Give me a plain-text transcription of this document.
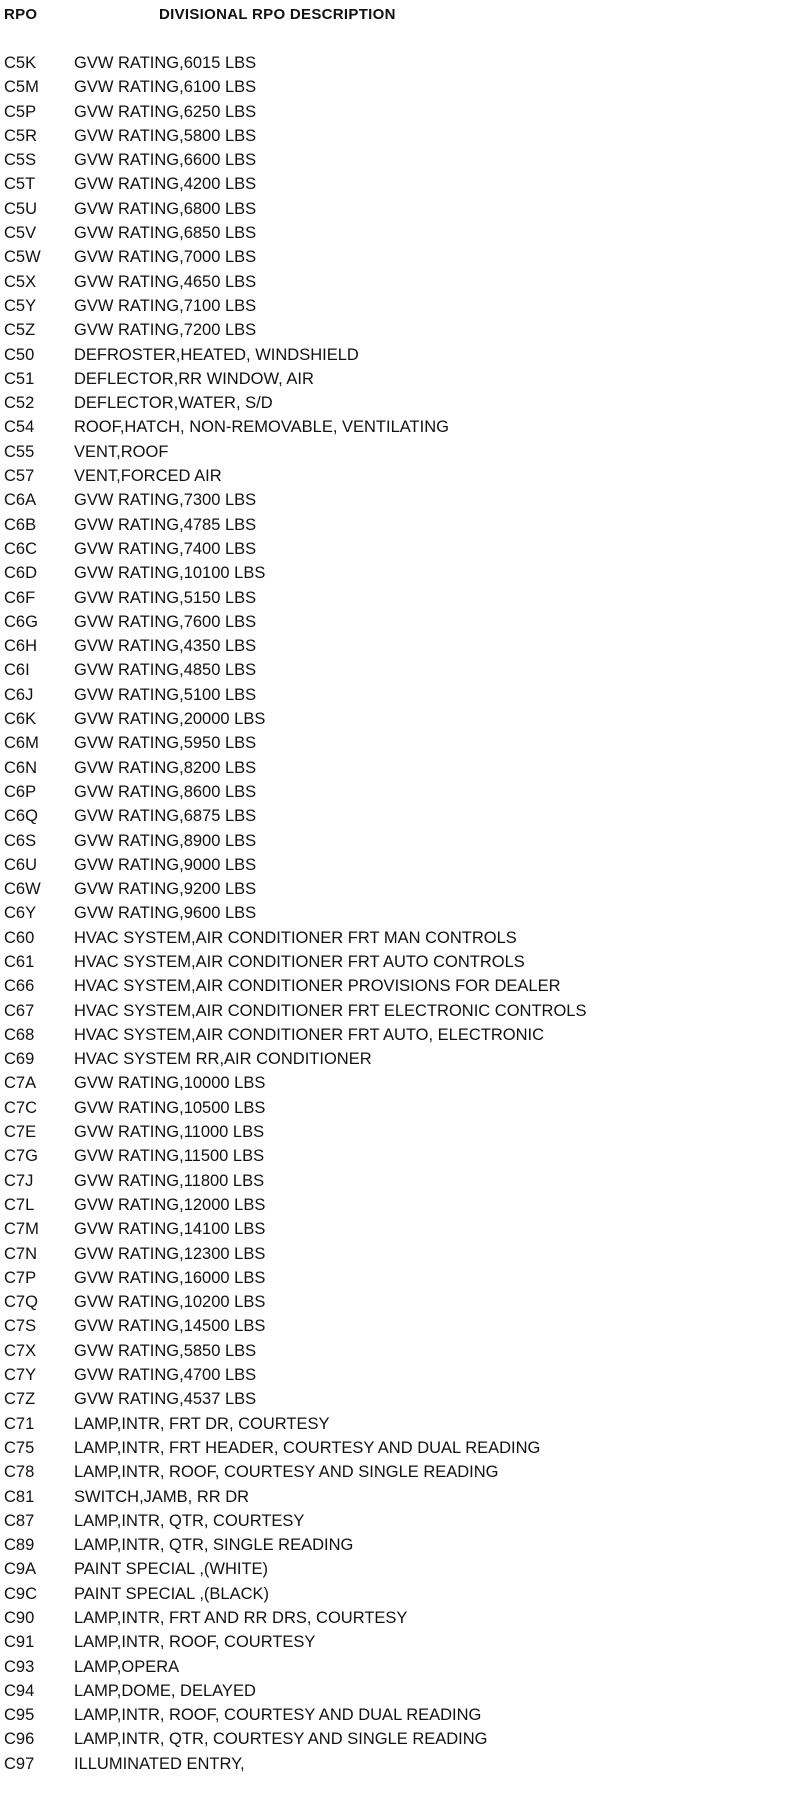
RPO	DIVISIONAL RPO DESCRIPTION
C5K	GVW RATING,6015 LBS
C5M	GVW RATING,6100 LBS
C5P	GVW RATING,6250 LBS
C5R	GVW RATING,5800 LBS
C5S	GVW RATING,6600 LBS
C5T	GVW RATING,4200 LBS
C5U	GVW RATING,6800 LBS
C5V	GVW RATING,6850 LBS
C5W	GVW RATING,7000 LBS
C5X	GVW RATING,4650 LBS
C5Y	GVW RATING,7100 LBS
C5Z	GVW RATING,7200 LBS
C50	DEFROSTER,HEATED, WINDSHIELD
C51	DEFLECTOR,RR WINDOW, AIR
C52	DEFLECTOR,WATER, S/D
C54	ROOF,HATCH, NON-REMOVABLE, VENTILATING
C55	VENT,ROOF
C57	VENT,FORCED AIR
C6A	GVW RATING,7300 LBS
C6B	GVW RATING,4785 LBS
C6C	GVW RATING,7400 LBS
C6D	GVW RATING,10100 LBS
C6F	GVW RATING,5150 LBS
C6G	GVW RATING,7600 LBS
C6H	GVW RATING,4350 LBS
C6I	GVW RATING,4850 LBS
C6J	GVW RATING,5100 LBS
C6K	GVW RATING,20000 LBS
C6M	GVW RATING,5950 LBS
C6N	GVW RATING,8200 LBS
C6P	GVW RATING,8600 LBS
C6Q	GVW RATING,6875 LBS
C6S	GVW RATING,8900 LBS
C6U	GVW RATING,9000 LBS
C6W	GVW RATING,9200 LBS
C6Y	GVW RATING,9600 LBS
C60	HVAC SYSTEM,AIR CONDITIONER FRT MAN CONTROLS
C61	HVAC SYSTEM,AIR CONDITIONER FRT AUTO CONTROLS
C66	HVAC SYSTEM,AIR CONDITIONER PROVISIONS FOR DEALER
C67	HVAC SYSTEM,AIR CONDITIONER FRT ELECTRONIC CONTROLS
C68	HVAC SYSTEM,AIR CONDITIONER FRT AUTO, ELECTRONIC
C69	HVAC SYSTEM RR,AIR CONDITIONER
C7A	GVW RATING,10000 LBS
C7C	GVW RATING,10500 LBS
C7E	GVW RATING,11000 LBS
C7G	GVW RATING,11500 LBS
C7J	GVW RATING,11800 LBS
C7L	GVW RATING,12000 LBS
C7M	GVW RATING,14100 LBS
C7N	GVW RATING,12300 LBS
C7P	GVW RATING,16000 LBS
C7Q	GVW RATING,10200 LBS
C7S	GVW RATING,14500 LBS
C7X	GVW RATING,5850 LBS
C7Y	GVW RATING,4700 LBS
C7Z	GVW RATING,4537 LBS
C71	LAMP,INTR, FRT DR, COURTESY
C75	LAMP,INTR, FRT HEADER, COURTESY AND DUAL READING
C78	LAMP,INTR, ROOF, COURTESY AND SINGLE READING
C81	SWITCH,JAMB, RR DR
C87	LAMP,INTR, QTR, COURTESY
C89	LAMP,INTR, QTR, SINGLE READING
C9A	PAINT SPECIAL ,(WHITE)
C9C	PAINT SPECIAL ,(BLACK)
C90	LAMP,INTR, FRT AND RR DRS, COURTESY
C91	LAMP,INTR, ROOF, COURTESY
C93	LAMP,OPERA
C94	LAMP,DOME, DELAYED
C95	LAMP,INTR, ROOF, COURTESY AND DUAL READING
C96	LAMP,INTR, QTR, COURTESY AND SINGLE READING
C97	ILLUMINATED ENTRY,
